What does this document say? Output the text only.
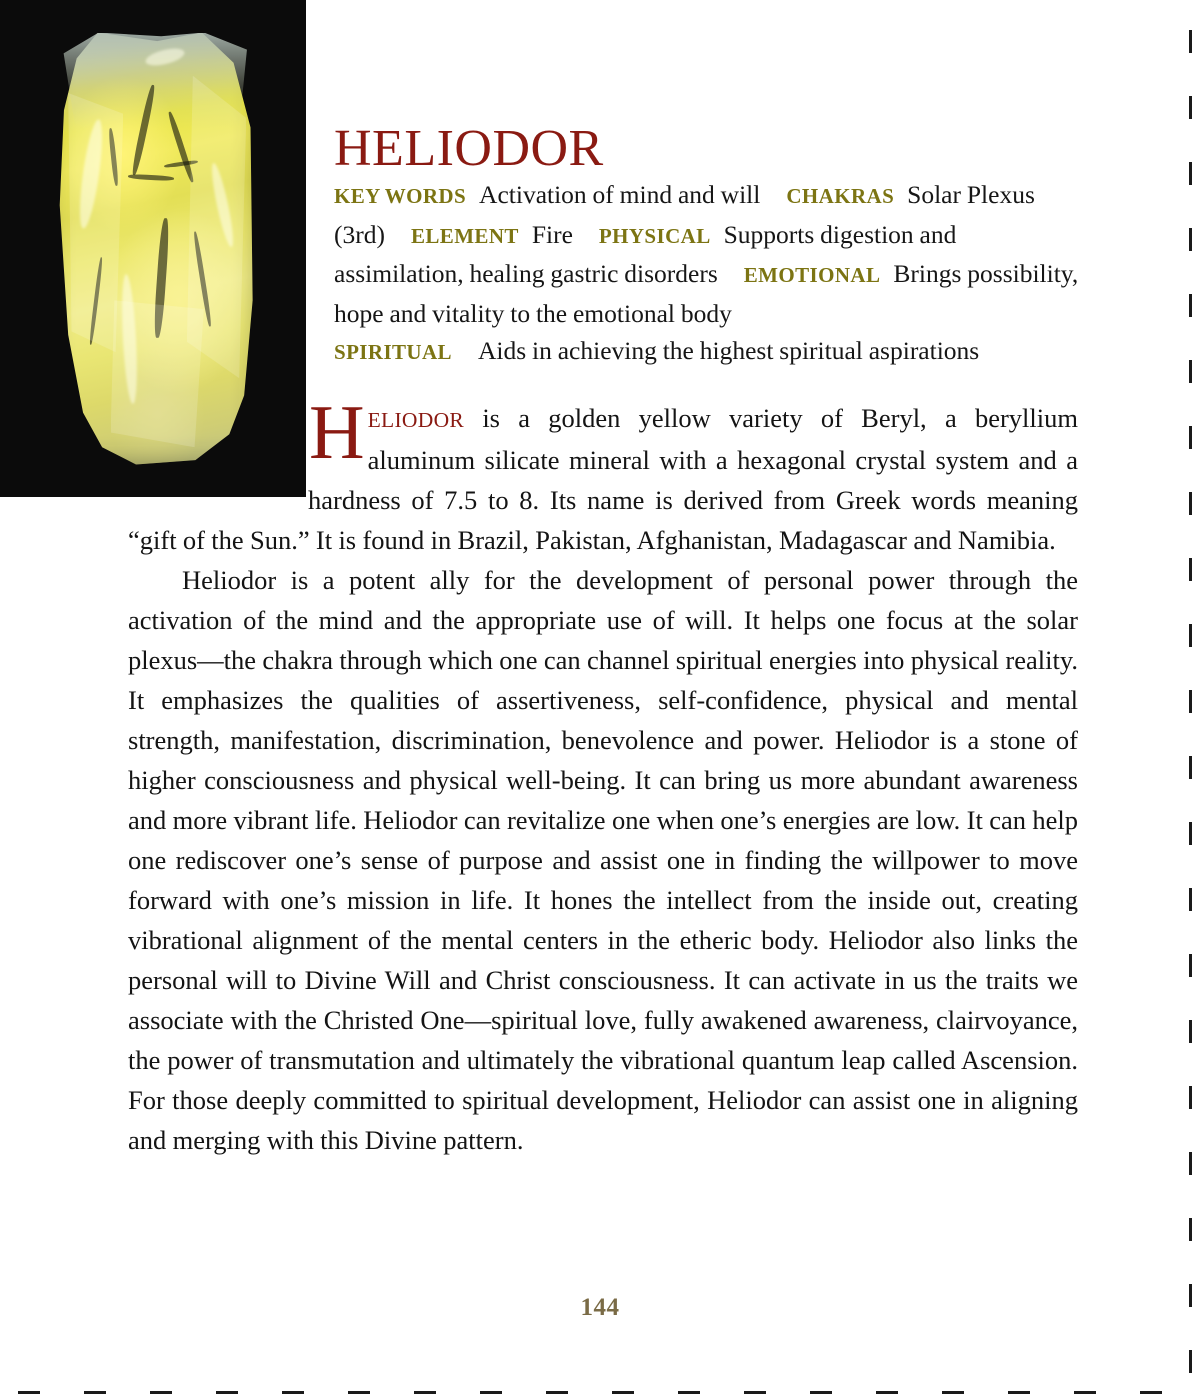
HELIODOR
KEY WORDS Activation of mind and will CHAKRAS Solar Plexus (3rd) ELEMENT Fire PHYSICAL Supports digestion and assimilation, healing gastric disorders EMOTIONAL Brings possibility, hope and vitality to the emotional body
SPIRITUAL Aids in achieving the highest spiritual aspirations

HELIODOR is a golden yellow variety of Beryl, a beryllium aluminum silicate mineral with a hexagonal crystal system and a hardness of 7.5 to 8. Its name is derived from Greek words meaning “gift of the Sun.” It is found in Brazil, Pakistan, Afghanistan, Madagascar and Namibia.

Heliodor is a potent ally for the development of personal power through the activation of the mind and the appropriate use of will. It helps one focus at the solar plexus—the chakra through which one can channel spiritual energies into physical reality. It emphasizes the qualities of assertiveness, self-confidence, physical and mental strength, manifestation, discrimination, benevolence and power. Heliodor is a stone of higher consciousness and physical well-being. It can bring us more abundant awareness and more vibrant life. Heliodor can revitalize one when one’s energies are low. It can help one rediscover one’s sense of purpose and assist one in finding the willpower to move forward with one’s mission in life. It hones the intellect from the inside out, creating vibrational alignment of the mental centers in the etheric body. Heliodor also links the personal will to Divine Will and Christ consciousness. It can activate in us the traits we associate with the Christed One—spiritual love, fully awakened awareness, clairvoyance, the power of transmutation and ultimately the vibrational quantum leap called Ascension. For those deeply committed to spiritual development, Heliodor can assist one in aligning and merging with this Divine pattern.

144
